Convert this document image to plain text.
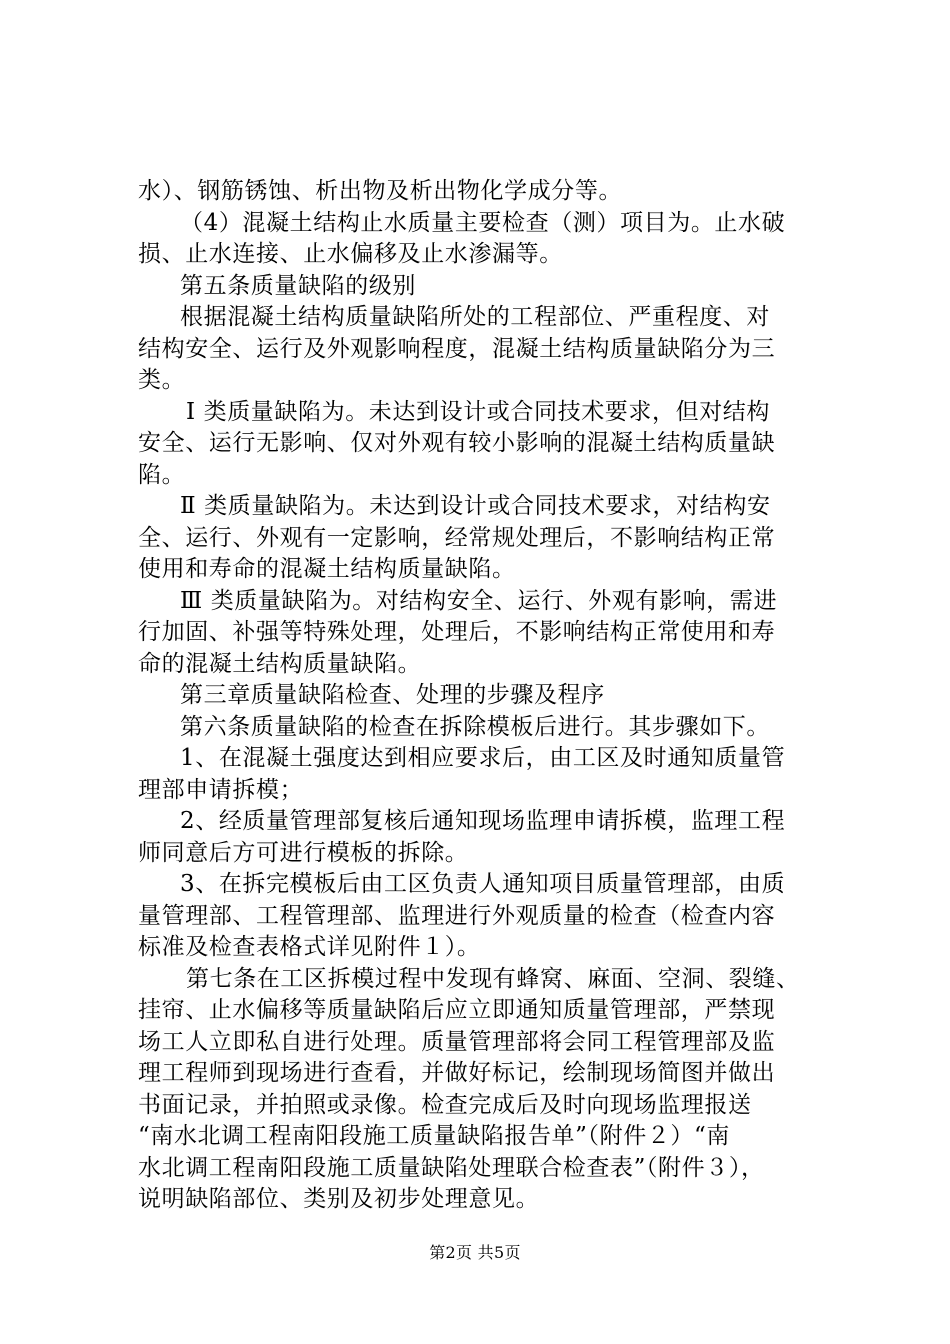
水）、钢筋锈蚀、析出物及析出物化学成分等。
（4）混凝土结构止水质量主要检查（测）项目为。止水破
损、止水连接、止水偏移及止水渗漏等。
第五条质量缺陷的级别
根据混凝土结构质量缺陷所处的工程部位、严重程度、对
结构安全、运行及外观影响程度，混凝土结构质量缺陷分为三
类。
Ⅰ 类质量缺陷为。未达到设计或合同技术要求，但对结构
安全、运行无影响、仅对外观有较小影响的混凝土结构质量缺
陷。
Ⅱ 类质量缺陷为。未达到设计或合同技术要求，对结构安
全、运行、外观有一定影响，经常规处理后，不影响结构正常
使用和寿命的混凝土结构质量缺陷。
Ⅲ 类质量缺陷为。对结构安全、运行、外观有影响，需进
行加固、补强等特殊处理，处理后，不影响结构正常使用和寿
命的混凝土结构质量缺陷。
第三章质量缺陷检查、处理的步骤及程序
第六条质量缺陷的检查在拆除模板后进行。其步骤如下。
1、在混凝土强度达到相应要求后，由工区及时通知质量管
理部申请拆模；
2、经质量管理部复核后通知现场监理申请拆模，监理工程
师同意后方可进行模板的拆除。
3、在拆完模板后由工区负责人通知项目质量管理部，由质
量管理部、工程管理部、监理进行外观质量的检查（检查内容
标准及检查表格式详见附件１）。
第七条在工区拆模过程中发现有蜂窝、麻面、空洞、裂缝、
挂帘、止水偏移等质量缺陷后应立即通知质量管理部，严禁现
场工人立即私自进行处理。质量管理部将会同工程管理部及监
理工程师到现场进行查看，并做好标记，绘制现场简图并做出
书面记录，并拍照或录像。检查完成后及时向现场监理报送
“南水北调工程南阳段施工质量缺陷报告单”（附件２）“南
水北调工程南阳段施工质量缺陷处理联合检查表”（附件３），
说明缺陷部位、类别及初步处理意见。
第2页 共5页
